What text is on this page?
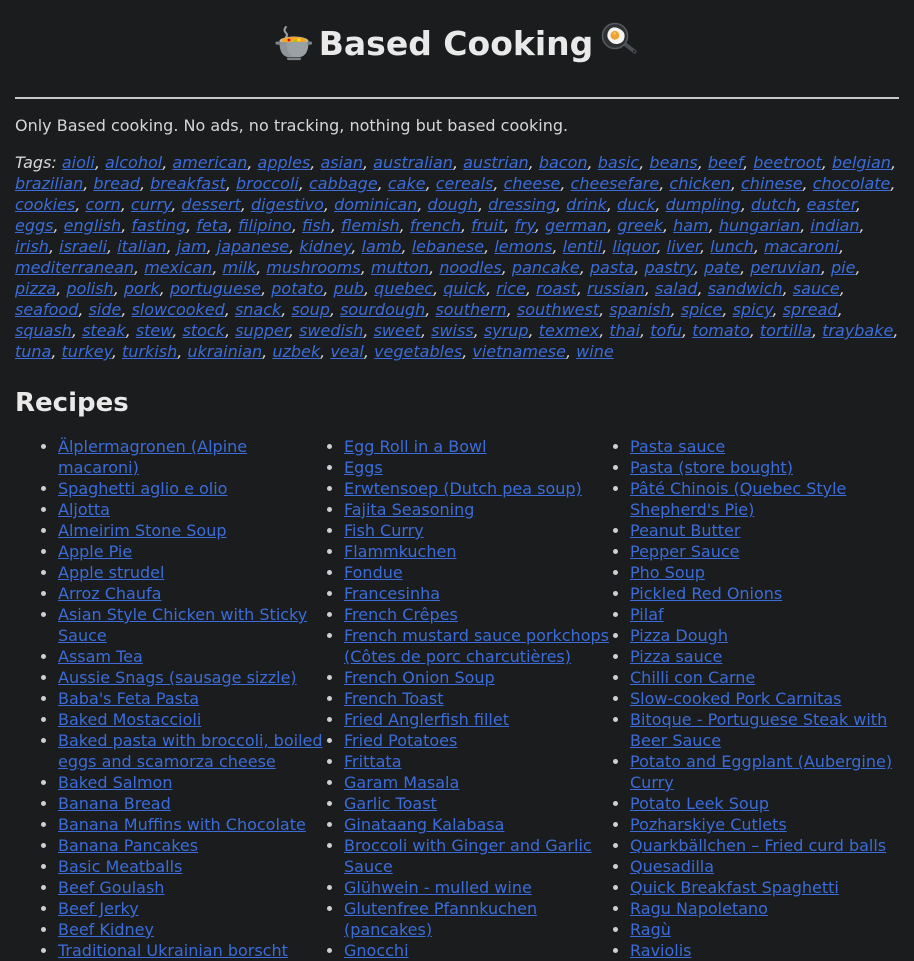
Based Cooking

Only Based cooking. No ads, no tracking, nothing but based cooking.

Tags: aioli, alcohol, american, apples, asian, australian, austrian, bacon, basic, beans, beef, beetroot, belgian, brazilian, bread, breakfast, broccoli, cabbage, cake, cereals, cheese, cheesefare, chicken, chinese, chocolate, cookies, corn, curry, dessert, digestivo, dominican, dough, dressing, drink, duck, dumpling, dutch, easter, eggs, english, fasting, feta, filipino, fish, flemish, french, fruit, fry, german, greek, ham, hungarian, indian, irish, israeli, italian, jam, japanese, kidney, lamb, lebanese, lemons, lentil, liquor, liver, lunch, macaroni, mediterranean, mexican, milk, mushrooms, mutton, noodles, pancake, pasta, pastry, pate, peruvian, pie, pizza, polish, pork, portuguese, potato, pub, quebec, quick, rice, roast, russian, salad, sandwich, sauce, seafood, side, slowcooked, snack, soup, sourdough, southern, southwest, spanish, spice, spicy, spread, squash, steak, stew, stock, supper, swedish, sweet, swiss, syrup, texmex, thai, tofu, tomato, tortilla, traybake, tuna, turkey, turkish, ukrainian, uzbek, veal, vegetables, vietnamese, wine

Recipes
• Älplermagronen (Alpine macaroni)
• Spaghetti aglio e olio
• Aljotta
• Almeirim Stone Soup
• Apple Pie
• Apple strudel
• Arroz Chaufa
• Asian Style Chicken with Sticky Sauce
• Assam Tea
• Aussie Snags (sausage sizzle)
• Baba's Feta Pasta
• Baked Mostaccioli
• Baked pasta with broccoli, boiled eggs and scamorza cheese
• Baked Salmon
• Banana Bread
• Banana Muffins with Chocolate
• Banana Pancakes
• Basic Meatballs
• Beef Goulash
• Beef Jerky
• Beef Kidney
• Traditional Ukrainian borscht
• Egg Roll in a Bowl
• Eggs
• Erwtensoep (Dutch pea soup)
• Fajita Seasoning
• Fish Curry
• Flammkuchen
• Fondue
• Francesinha
• French Crêpes
• French mustard sauce porkchops (Côtes de porc charcutières)
• French Onion Soup
• French Toast
• Fried Anglerfish fillet
• Fried Potatoes
• Frittata
• Garam Masala
• Garlic Toast
• Ginataang Kalabasa
• Broccoli with Ginger and Garlic Sauce
• Glühwein - mulled wine
• Glutenfree Pfannkuchen (pancakes)
• Gnocchi
• Pasta sauce
• Pasta (store bought)
• Pâté Chinois (Quebec Style Shepherd's Pie)
• Peanut Butter
• Pepper Sauce
• Pho Soup
• Pickled Red Onions
• Pilaf
• Pizza Dough
• Pizza sauce
• Chilli con Carne
• Slow-cooked Pork Carnitas
• Bitoque - Portuguese Steak with Beer Sauce
• Potato and Eggplant (Aubergine) Curry
• Potato Leek Soup
• Pozharskiye Cutlets
• Quarkbällchen – Fried curd balls
• Quesadilla
• Quick Breakfast Spaghetti
• Ragu Napoletano
• Ragù
• Raviolis
